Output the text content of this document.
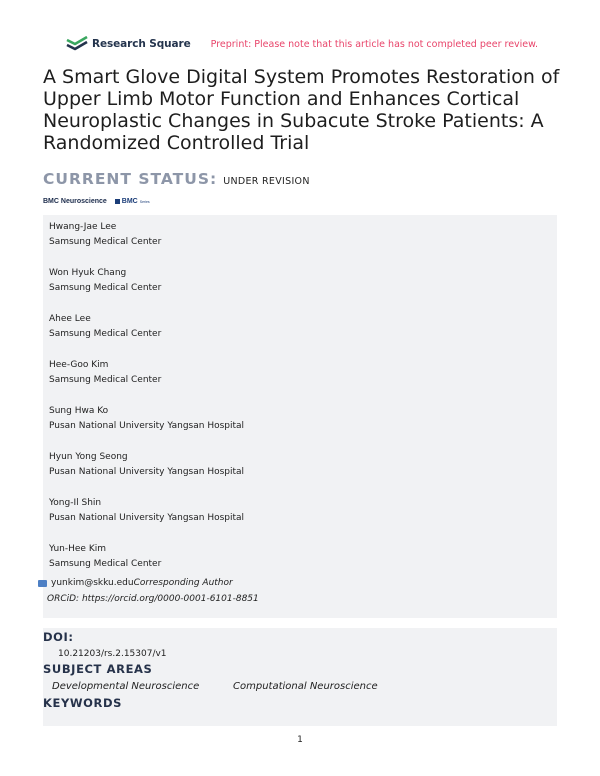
Research Square Preprint: Please note that this article has not completed peer review.
A Smart Glove Digital System Promotes Restoration of Upper Limb Motor Function and Enhances Cortical Neuroplastic Changes in Subacute Stroke Patients: A Randomized Controlled Trial
CURRENT STATUS: UNDER REVISION
BMC Neuroscience BMC Series
Hwang-Jae Lee
Samsung Medical Center
Won Hyuk Chang
Samsung Medical Center
Ahee Lee
Samsung Medical Center
Hee-Goo Kim
Samsung Medical Center
Sung Hwa Ko
Pusan National University Yangsan Hospital
Hyun Yong Seong
Pusan National University Yangsan Hospital
Yong-Il Shin
Pusan National University Yangsan Hospital
Yun-Hee Kim
Samsung Medical Center
yunkim@skku.edu Corresponding Author
ORCiD: https://orcid.org/0000-0001-6101-8851
DOI:
10.21203/rs.2.15307/v1
SUBJECT AREAS
Developmental Neuroscience	Computational Neuroscience
KEYWORDS
1
